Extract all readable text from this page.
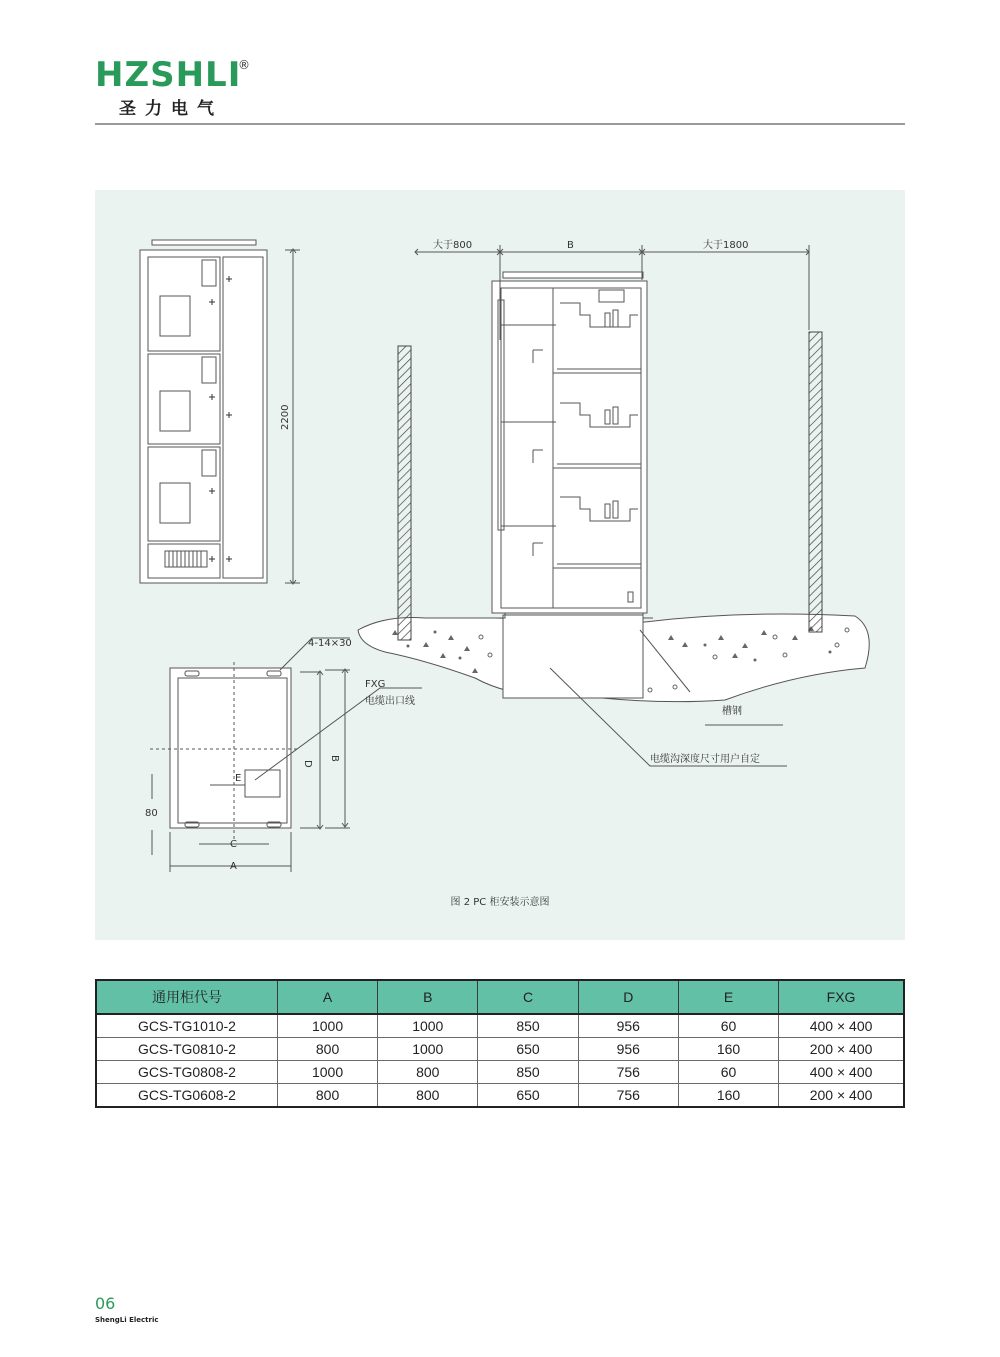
HZSHLI
®
圣力电气
2200
4-14×30
FXG
电缆出口线
E
80
C
A
D
B
大于800	B	大于1800
槽钢
电缆沟深度尺寸用户自定
图 2 PC 柜安装示意图
通用柜代号	A	B	C	D	E	FXG
GCS-TG1010-2	1000	1000	850	956	60	400 × 400
GCS-TG0810-2	800	1000	650	956	160	200 × 400
GCS-TG0808-2	1000	800	850	756	60	400 × 400
GCS-TG0608-2	800	800	650	756	160	200 × 400
06
ShengLi Electric
